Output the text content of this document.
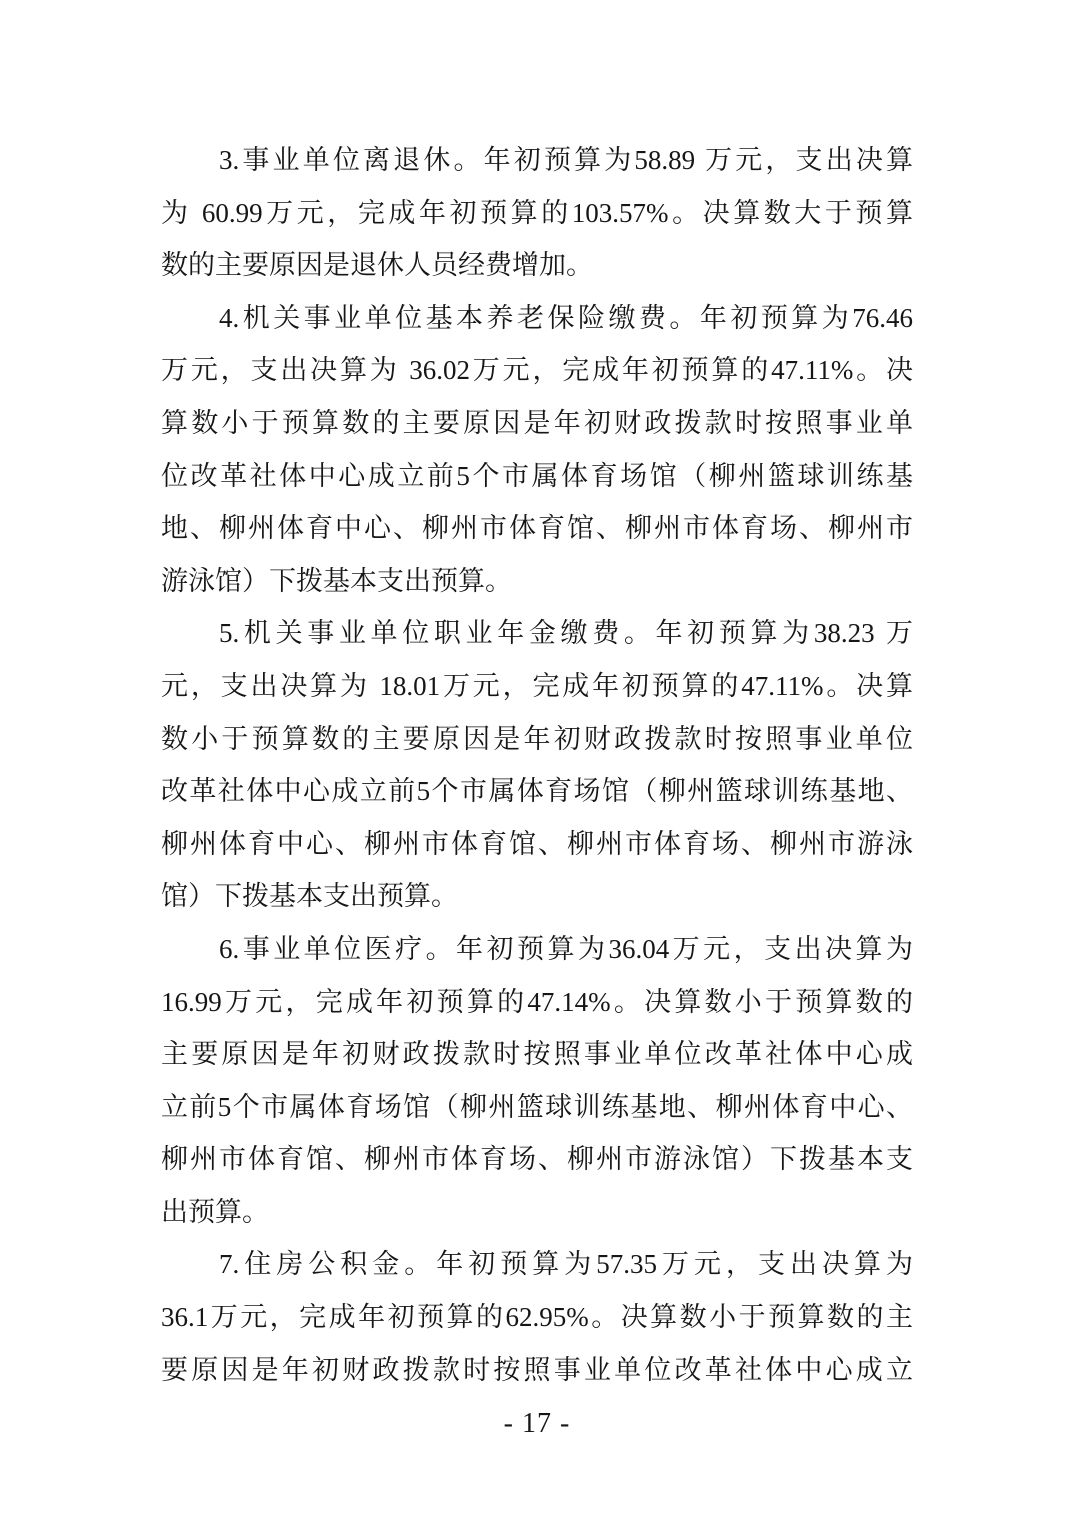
3.事业单位离退休。年初预算为58.89 万元，支出决算
为 60.99万元，完成年初预算的103.57%。决算数大于预算
数的主要原因是退休人员经费增加。
4.机关事业单位基本养老保险缴费。年初预算为76.46
万元，支出决算为 36.02万元，完成年初预算的47.11%。决
算数小于预算数的主要原因是年初财政拨款时按照事业单
位改革社体中心成立前5个市属体育场馆（柳州篮球训练基
地、柳州体育中心、柳州市体育馆、柳州市体育场、柳州市
游泳馆）下拨基本支出预算。
5.机关事业单位职业年金缴费。年初预算为38.23 万
元，支出决算为 18.01万元，完成年初预算的47.11%。决算
数小于预算数的主要原因是年初财政拨款时按照事业单位
改革社体中心成立前5个市属体育场馆（柳州篮球训练基地、
柳州体育中心、柳州市体育馆、柳州市体育场、柳州市游泳
馆）下拨基本支出预算。
6.事业单位医疗。年初预算为36.04万元，支出决算为
16.99万元，完成年初预算的47.14%。决算数小于预算数的
主要原因是年初财政拨款时按照事业单位改革社体中心成
立前5个市属体育场馆（柳州篮球训练基地、柳州体育中心、
柳州市体育馆、柳州市体育场、柳州市游泳馆）下拨基本支
出预算。
7.住房公积金。年初预算为57.35万元，支出决算为
36.1万元，完成年初预算的62.95%。决算数小于预算数的主
要原因是年初财政拨款时按照事业单位改革社体中心成立
- 17 -
